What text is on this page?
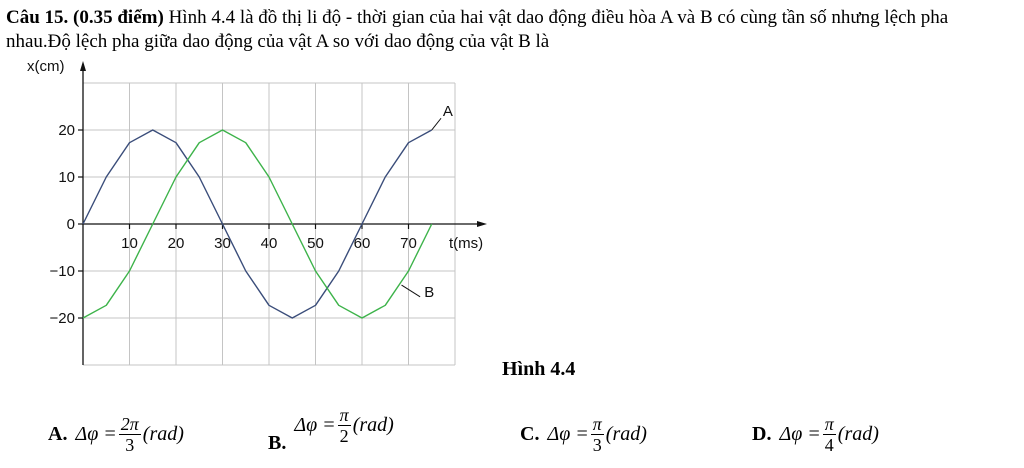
Câu 15. (0.35 điểm) Hình 4.4 là đồ thị li độ - thời gian của hai vật dao động điều hòa A và B có cùng tần số nhưng lệch pha nhau.Độ lệch pha giữa dao động của vật A so với dao động của vật B là

20
10
0
−10
−20
10 20 30 40 50 60 70
x(cm)
t(ms)
A
B
Hình 4.4
A. $\Delta\varphi = \frac{2\pi}{3} (rad)$	B.
$\Delta\varphi = \frac{\pi}{2} (rad)$	C. $\Delta\varphi = \frac{\pi}{3} (rad)$	D. $\Delta\varphi = \frac{\pi}{4} (rad)$
